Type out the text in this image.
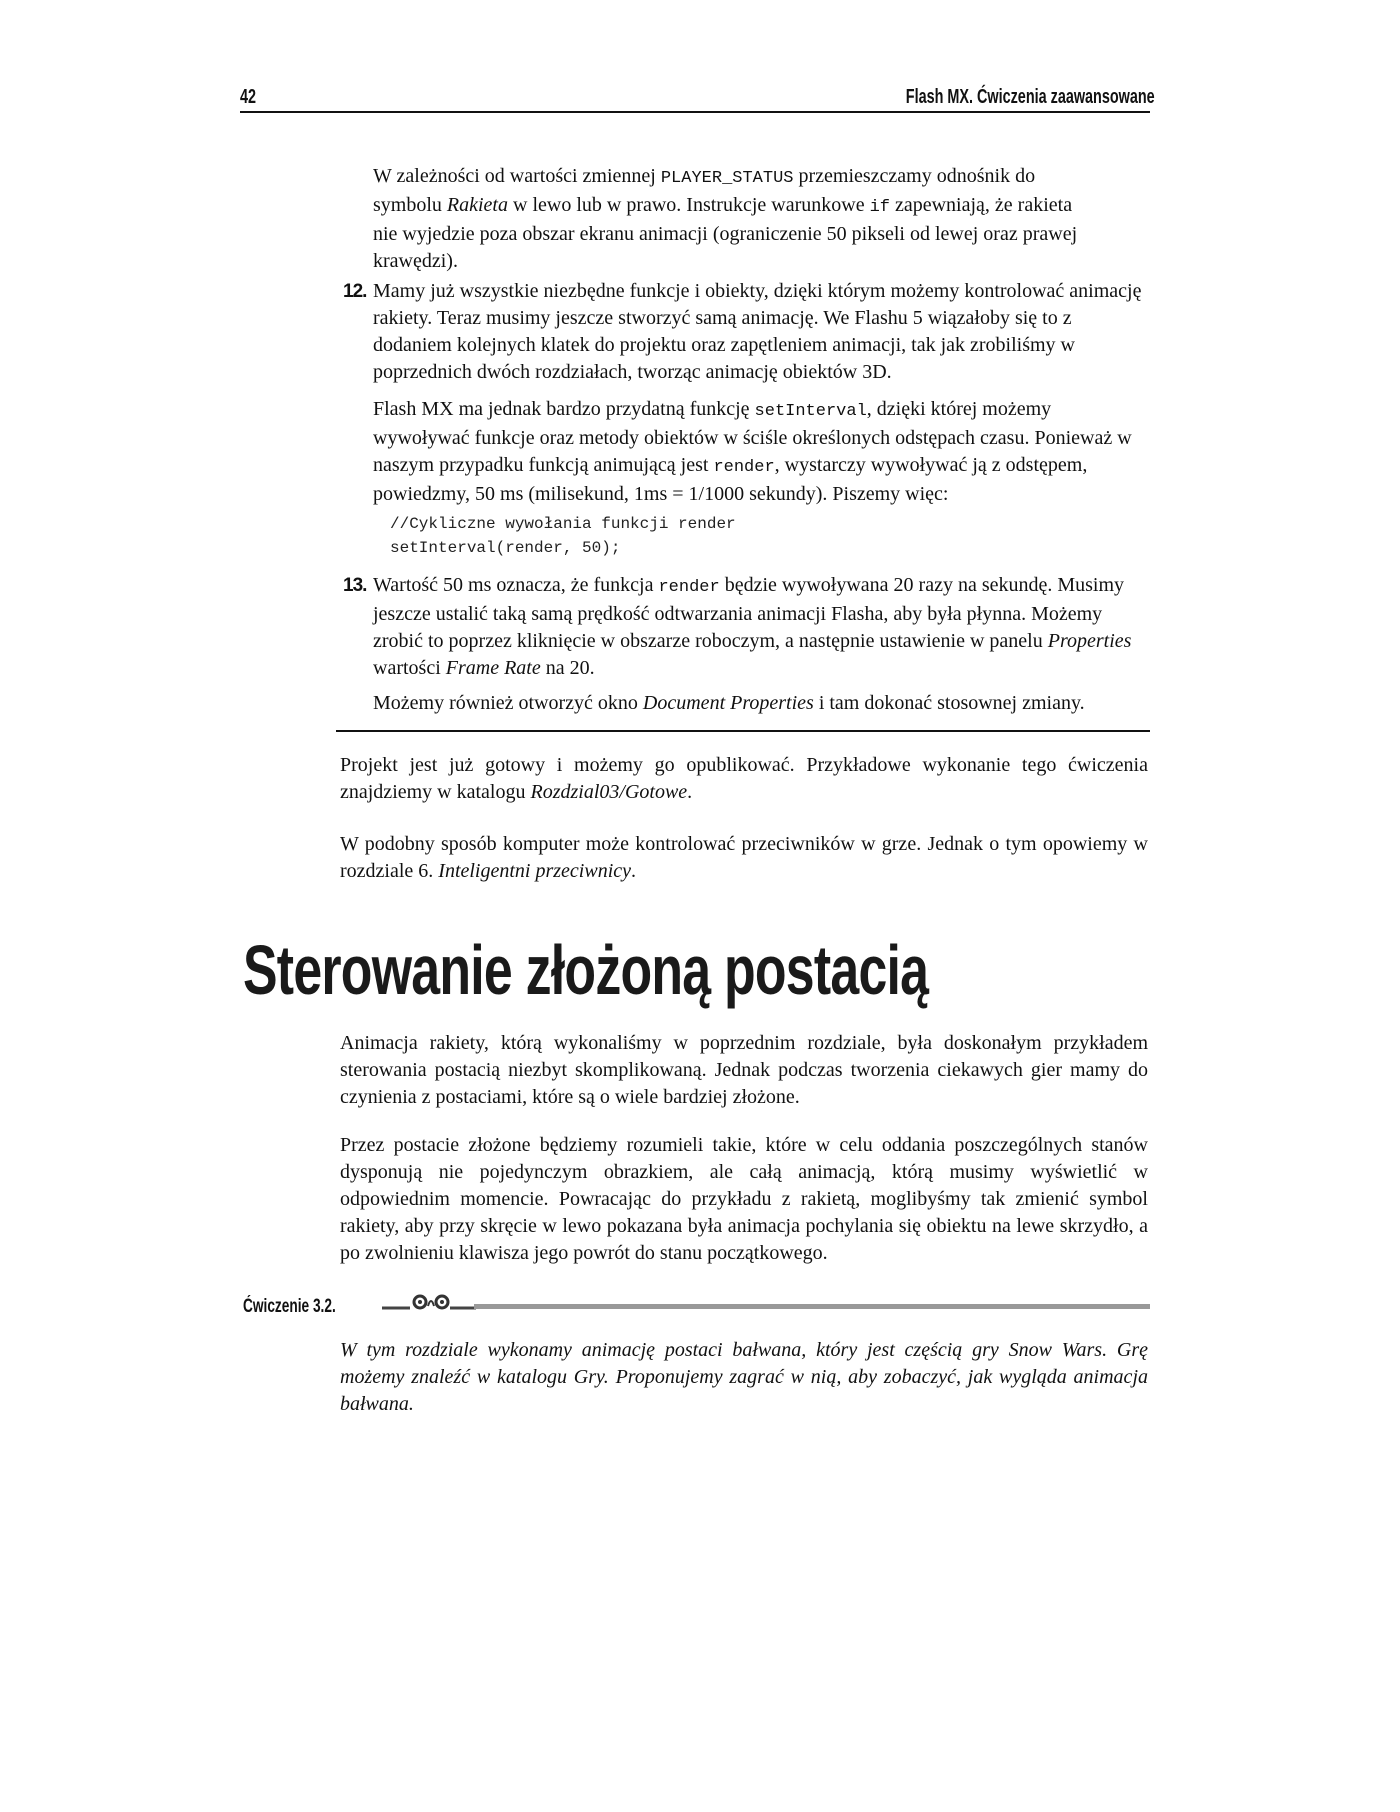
42	Flash MX. Ćwiczenia zaawansowane

W zależności od wartości zmiennej PLAYER_STATUS przemieszczamy odnośnik do symbolu Rakieta w lewo lub w prawo. Instrukcje warunkowe if zapewniają, że rakieta nie wyjedzie poza obszar ekranu animacji (ograniczenie 50 pikseli od lewej oraz prawej krawędzi).

12. Mamy już wszystkie niezbędne funkcje i obiekty, dzięki którym możemy kontrolować animację rakiety. Teraz musimy jeszcze stworzyć samą animację. We Flashu 5 wiązałoby się to z dodaniem kolejnych klatek do projektu oraz zapętleniem animacji, tak jak zrobiliśmy w poprzednich dwóch rozdziałach, tworząc animację obiektów 3D.

Flash MX ma jednak bardzo przydatną funkcję setInterval, dzięki której możemy wywoływać funkcje oraz metody obiektów w ściśle określonych odstępach czasu. Ponieważ w naszym przypadku funkcją animującą jest render, wystarczy wywoływać ją z odstępem, powiedzmy, 50 ms (milisekund, 1ms = 1/1000 sekundy). Piszemy więc:

//Cykliczne wywołania funkcji render
setInterval(render, 50);
13. Wartość 50 ms oznacza, że funkcja render będzie wywoływana 20 razy na sekundę. Musimy jeszcze ustalić taką samą prędkość odtwarzania animacji Flasha, aby była płynna. Możemy zrobić to poprzez kliknięcie w obszarze roboczym, a następnie ustawienie w panelu Properties wartości Frame Rate na 20.

Możemy również otworzyć okno Document Properties i tam dokonać stosownej zmiany.

Projekt jest już gotowy i możemy go opublikować. Przykładowe wykonanie tego ćwiczenia znajdziemy w katalogu Rozdzial03/Gotowe.

W podobny sposób komputer może kontrolować przeciwników w grze. Jednak o tym opowiemy w rozdziale 6. Inteligentni przeciwnicy.

Sterowanie złożoną postacią

Animacja rakiety, którą wykonaliśmy w poprzednim rozdziale, była doskonałym przykładem sterowania postacią niezbyt skomplikowaną. Jednak podczas tworzenia ciekawych gier mamy do czynienia z postaciami, które są o wiele bardziej złożone.

Przez postacie złożone będziemy rozumieli takie, które w celu oddania poszczególnych stanów dysponują nie pojedynczym obrazkiem, ale całą animacją, którą musimy wyświetlić w odpowiednim momencie. Powracając do przykładu z rakietą, moglibyśmy tak zmienić symbol rakiety, aby przy skręcie w lewo pokazana była animacja pochylania się obiektu na lewe skrzydło, a po zwolnieniu klawisza jego powrót do stanu początkowego.

Ćwiczenie 3.2.

W tym rozdziale wykonamy animację postaci bałwana, który jest częścią gry Snow Wars. Grę możemy znaleźć w katalogu Gry. Proponujemy zagrać w nią, aby zobaczyć, jak wygląda animacja bałwana.
